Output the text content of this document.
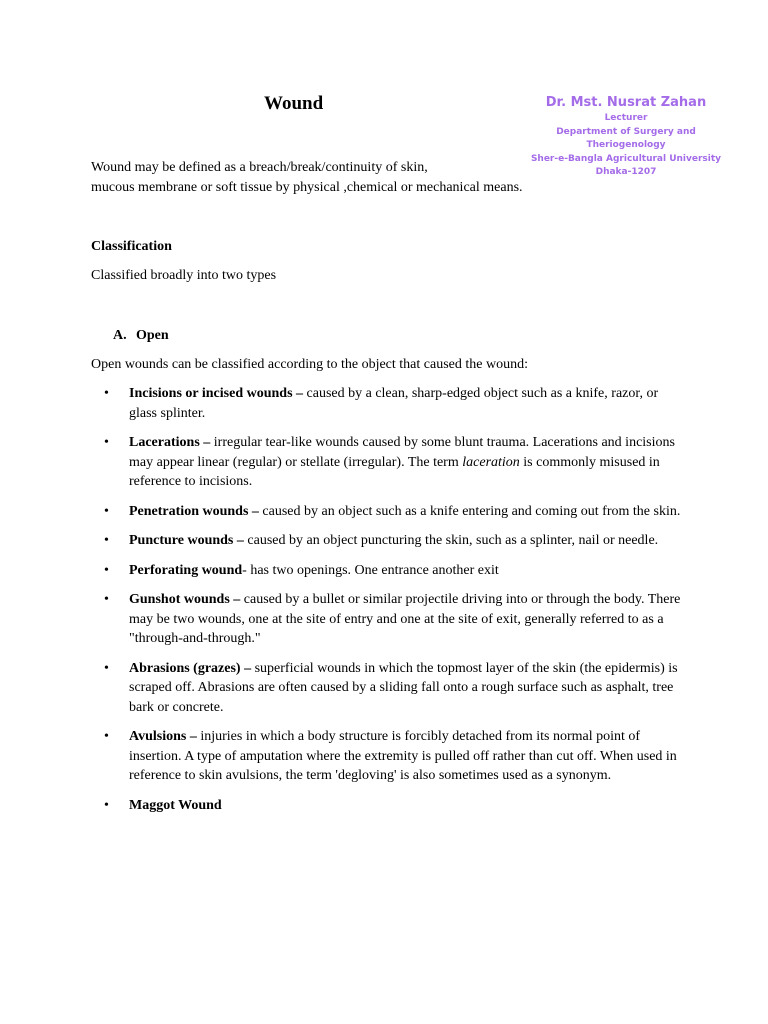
Wound	Dr. Mst. Nusrat Zahan
Lecturer
Department of Surgery and Theriogenology
Sher-e-Bangla Agricultural University
Dhaka-1207

Wound may be defined as a breach/break/continuity of skin,
mucous membrane or soft tissue by physical ,chemical or mechanical means.

Classification

Classified broadly into two types

A. Open

Open wounds can be classified according to the object that caused the wound:

• Incisions or incised wounds – caused by a clean, sharp-edged object such as a knife, razor, or glass splinter.
• Lacerations – irregular tear-like wounds caused by some blunt trauma. Lacerations and incisions may appear linear (regular) or stellate (irregular). The term laceration is commonly misused in reference to incisions.
• Penetration wounds – caused by an object such as a knife entering and coming out from the skin.
• Puncture wounds – caused by an object puncturing the skin, such as a splinter, nail or needle.
• Perforating wound- has two openings. One entrance another exit
• Gunshot wounds – caused by a bullet or similar projectile driving into or through the body. There may be two wounds, one at the site of entry and one at the site of exit, generally referred to as a "through-and-through."
• Abrasions (grazes) – superficial wounds in which the topmost layer of the skin (the epidermis) is scraped off. Abrasions are often caused by a sliding fall onto a rough surface such as asphalt, tree bark or concrete.
• Avulsions – injuries in which a body structure is forcibly detached from its normal point of insertion. A type of amputation where the extremity is pulled off rather than cut off. When used in reference to skin avulsions, the term 'degloving' is also sometimes used as a synonym.
• Maggot Wound
